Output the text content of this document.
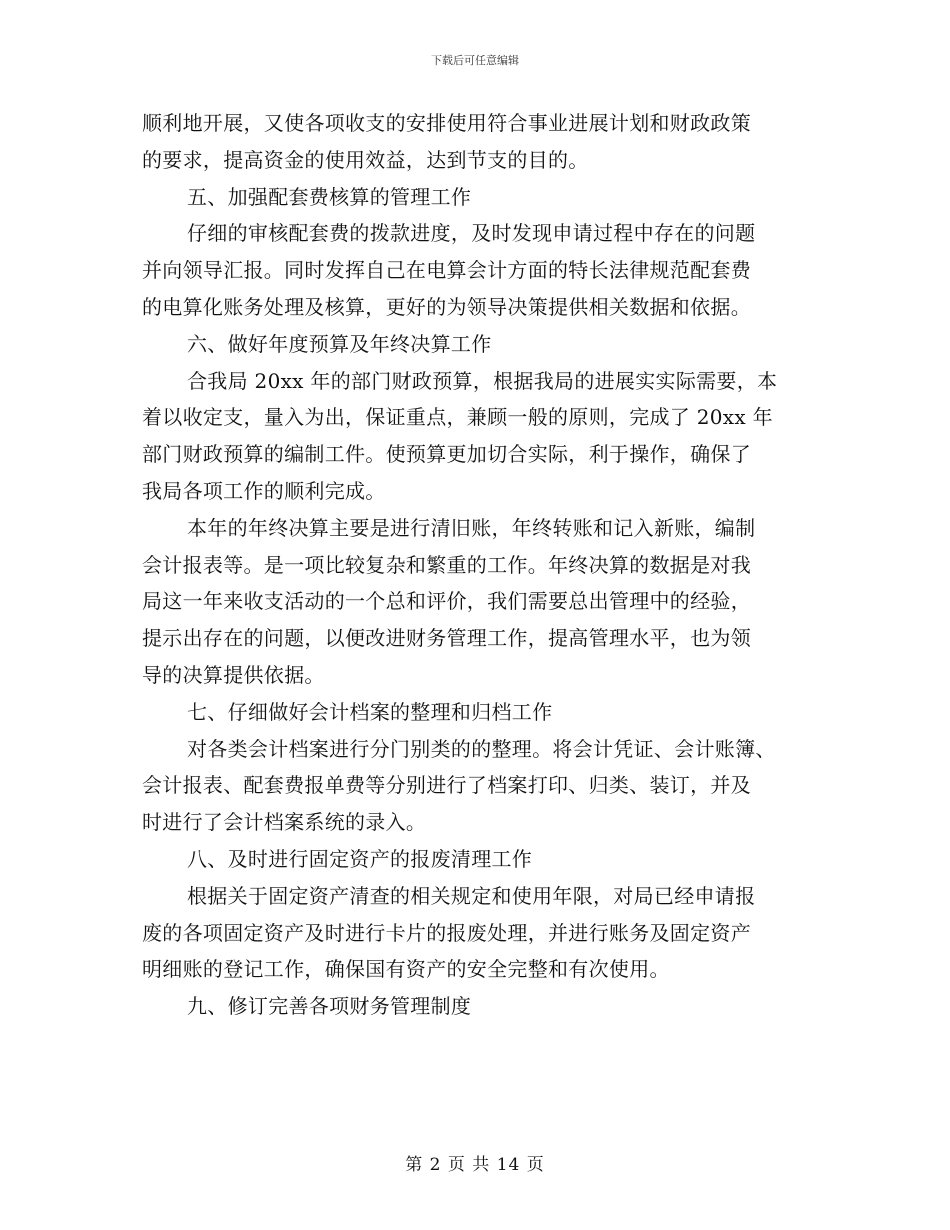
下载后可任意编辑
顺利地开展，又使各项收支的安排使用符合事业进展计划和财政政策
的要求，提高资金的使用效益，达到节支的目的。
五、加强配套费核算的管理工作
仔细的审核配套费的拨款进度，及时发现申请过程中存在的问题
并向领导汇报。同时发挥自己在电算会计方面的特长法律规范配套费
的电算化账务处理及核算，更好的为领导决策提供相关数据和依据。
六、做好年度预算及年终决算工作
合我局 20xx 年的部门财政预算，根据我局的进展实实际需要，本
着以收定支，量入为出，保证重点，兼顾一般的原则，完成了 20xx 年
部门财政预算的编制工件。使预算更加切合实际，利于操作，确保了
我局各项工作的顺利完成。
本年的年终决算主要是进行清旧账，年终转账和记入新账，编制
会计报表等。是一项比较复杂和繁重的工作。年终决算的数据是对我
局这一年来收支活动的一个总和评价，我们需要总出管理中的经验，
提示出存在的问题，以便改进财务管理工作，提高管理水平，也为领
导的决算提供依据。
七、仔细做好会计档案的整理和归档工作
对各类会计档案进行分门别类的的整理。将会计凭证、会计账簿、
会计报表、配套费报单费等分别进行了档案打印、归类、装订，并及
时进行了会计档案系统的录入。
八、及时进行固定资产的报废清理工作
根据关于固定资产清查的相关规定和使用年限，对局已经申请报
废的各项固定资产及时进行卡片的报废处理，并进行账务及固定资产
明细账的登记工作，确保国有资产的安全完整和有次使用。
九、修订完善各项财务管理制度
第 2 页 共 14 页
